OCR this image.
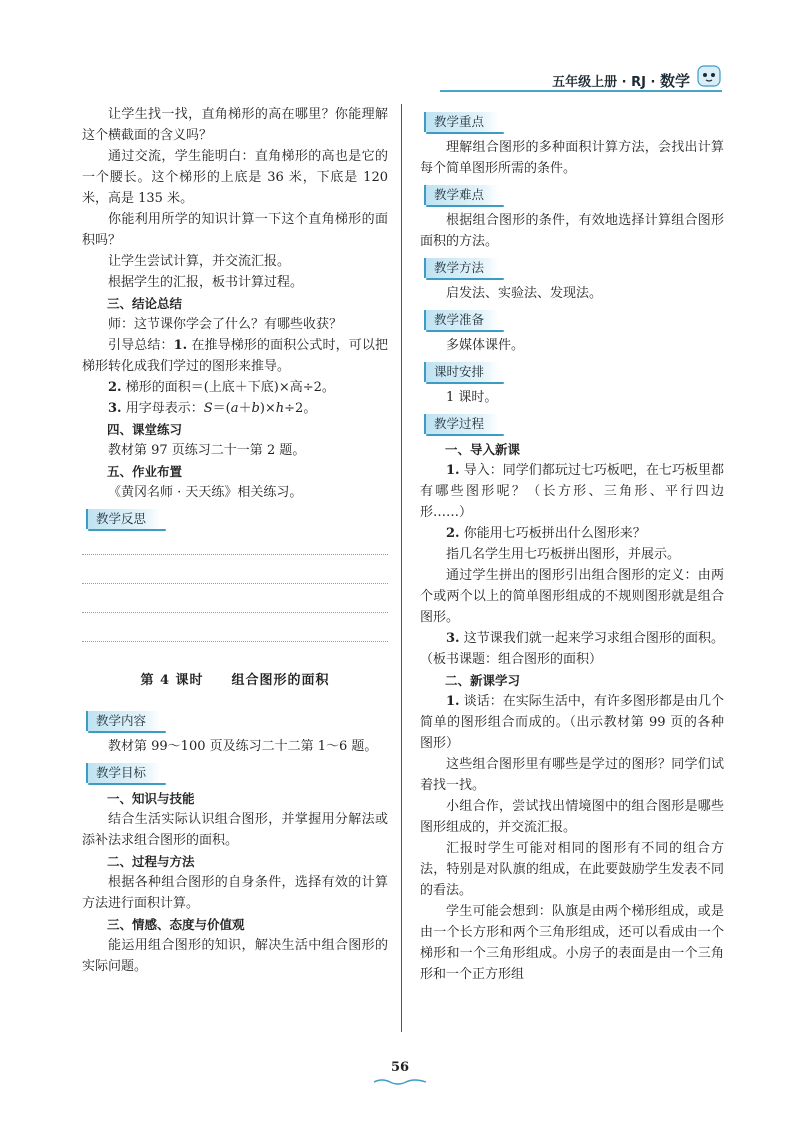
五年级上册 · RJ · 数学

让学生找一找，直角梯形的高在哪里？你能理解这个横截面的含义吗？

通过交流，学生能明白：直角梯形的高也是它的一个腰长。这个梯形的上底是 36 米，下底是 120 米，高是 135 米。

你能利用所学的知识计算一下这个直角梯形的面积吗？

让学生尝试计算，并交流汇报。

根据学生的汇报，板书计算过程。

三、结论总结

师：这节课你学会了什么？有哪些收获？

引导总结：1. 在推导梯形的面积公式时，可以把梯形转化成我们学过的图形来推导。

2. 梯形的面积＝(上底＋下底)×高÷2。

3. 用字母表示：S＝(a＋b)×h÷2。

四、课堂练习

教材第 97 页练习二十一第 2 题。

五、作业布置

《黄冈名师 · 天天练》相关练习。

教学反思
第 4 课时　　组合图形的面积
教学内容

教材第 99～100 页及练习二十二第 1～6 题。

教学目标

一、知识与技能

结合生活实际认识组合图形，并掌握用分解法或添补法求组合图形的面积。

二、过程与方法

根据各种组合图形的自身条件，选择有效的计算方法进行面积计算。

三、情感、态度与价值观

能运用组合图形的知识，解决生活中组合图形的实际问题。

教学重点

理解组合图形的多种面积计算方法，会找出计算每个简单图形所需的条件。

教学难点

根据组合图形的条件，有效地选择计算组合图形面积的方法。

教学方法

启发法、实验法、发现法。

教学准备

多媒体课件。

课时安排

1 课时。

教学过程

一、导入新课

1. 导入：同学们都玩过七巧板吧，在七巧板里都有哪些图形呢？（长方形、三角形、平行四边形……）

2. 你能用七巧板拼出什么图形来？

指几名学生用七巧板拼出图形，并展示。

通过学生拼出的图形引出组合图形的定义：由两个或两个以上的简单图形组成的不规则图形就是组合图形。

3. 这节课我们就一起来学习求组合图形的面积。（板书课题：组合图形的面积）

二、新课学习

1. 谈话：在实际生活中，有许多图形都是由几个简单的图形组合而成的。（出示教材第 99 页的各种图形）

这些组合图形里有哪些是学过的图形？同学们试着找一找。

小组合作，尝试找出情境图中的组合图形是哪些图形组成的，并交流汇报。

汇报时学生可能对相同的图形有不同的组合方法，特别是对队旗的组成，在此要鼓励学生发表不同的看法。

学生可能会想到：队旗是由两个梯形组成，或是由一个长方形和两个三角形组成，还可以看成由一个梯形和一个三角形组成。小房子的表面是由一个三角形和一个正方形组

56
